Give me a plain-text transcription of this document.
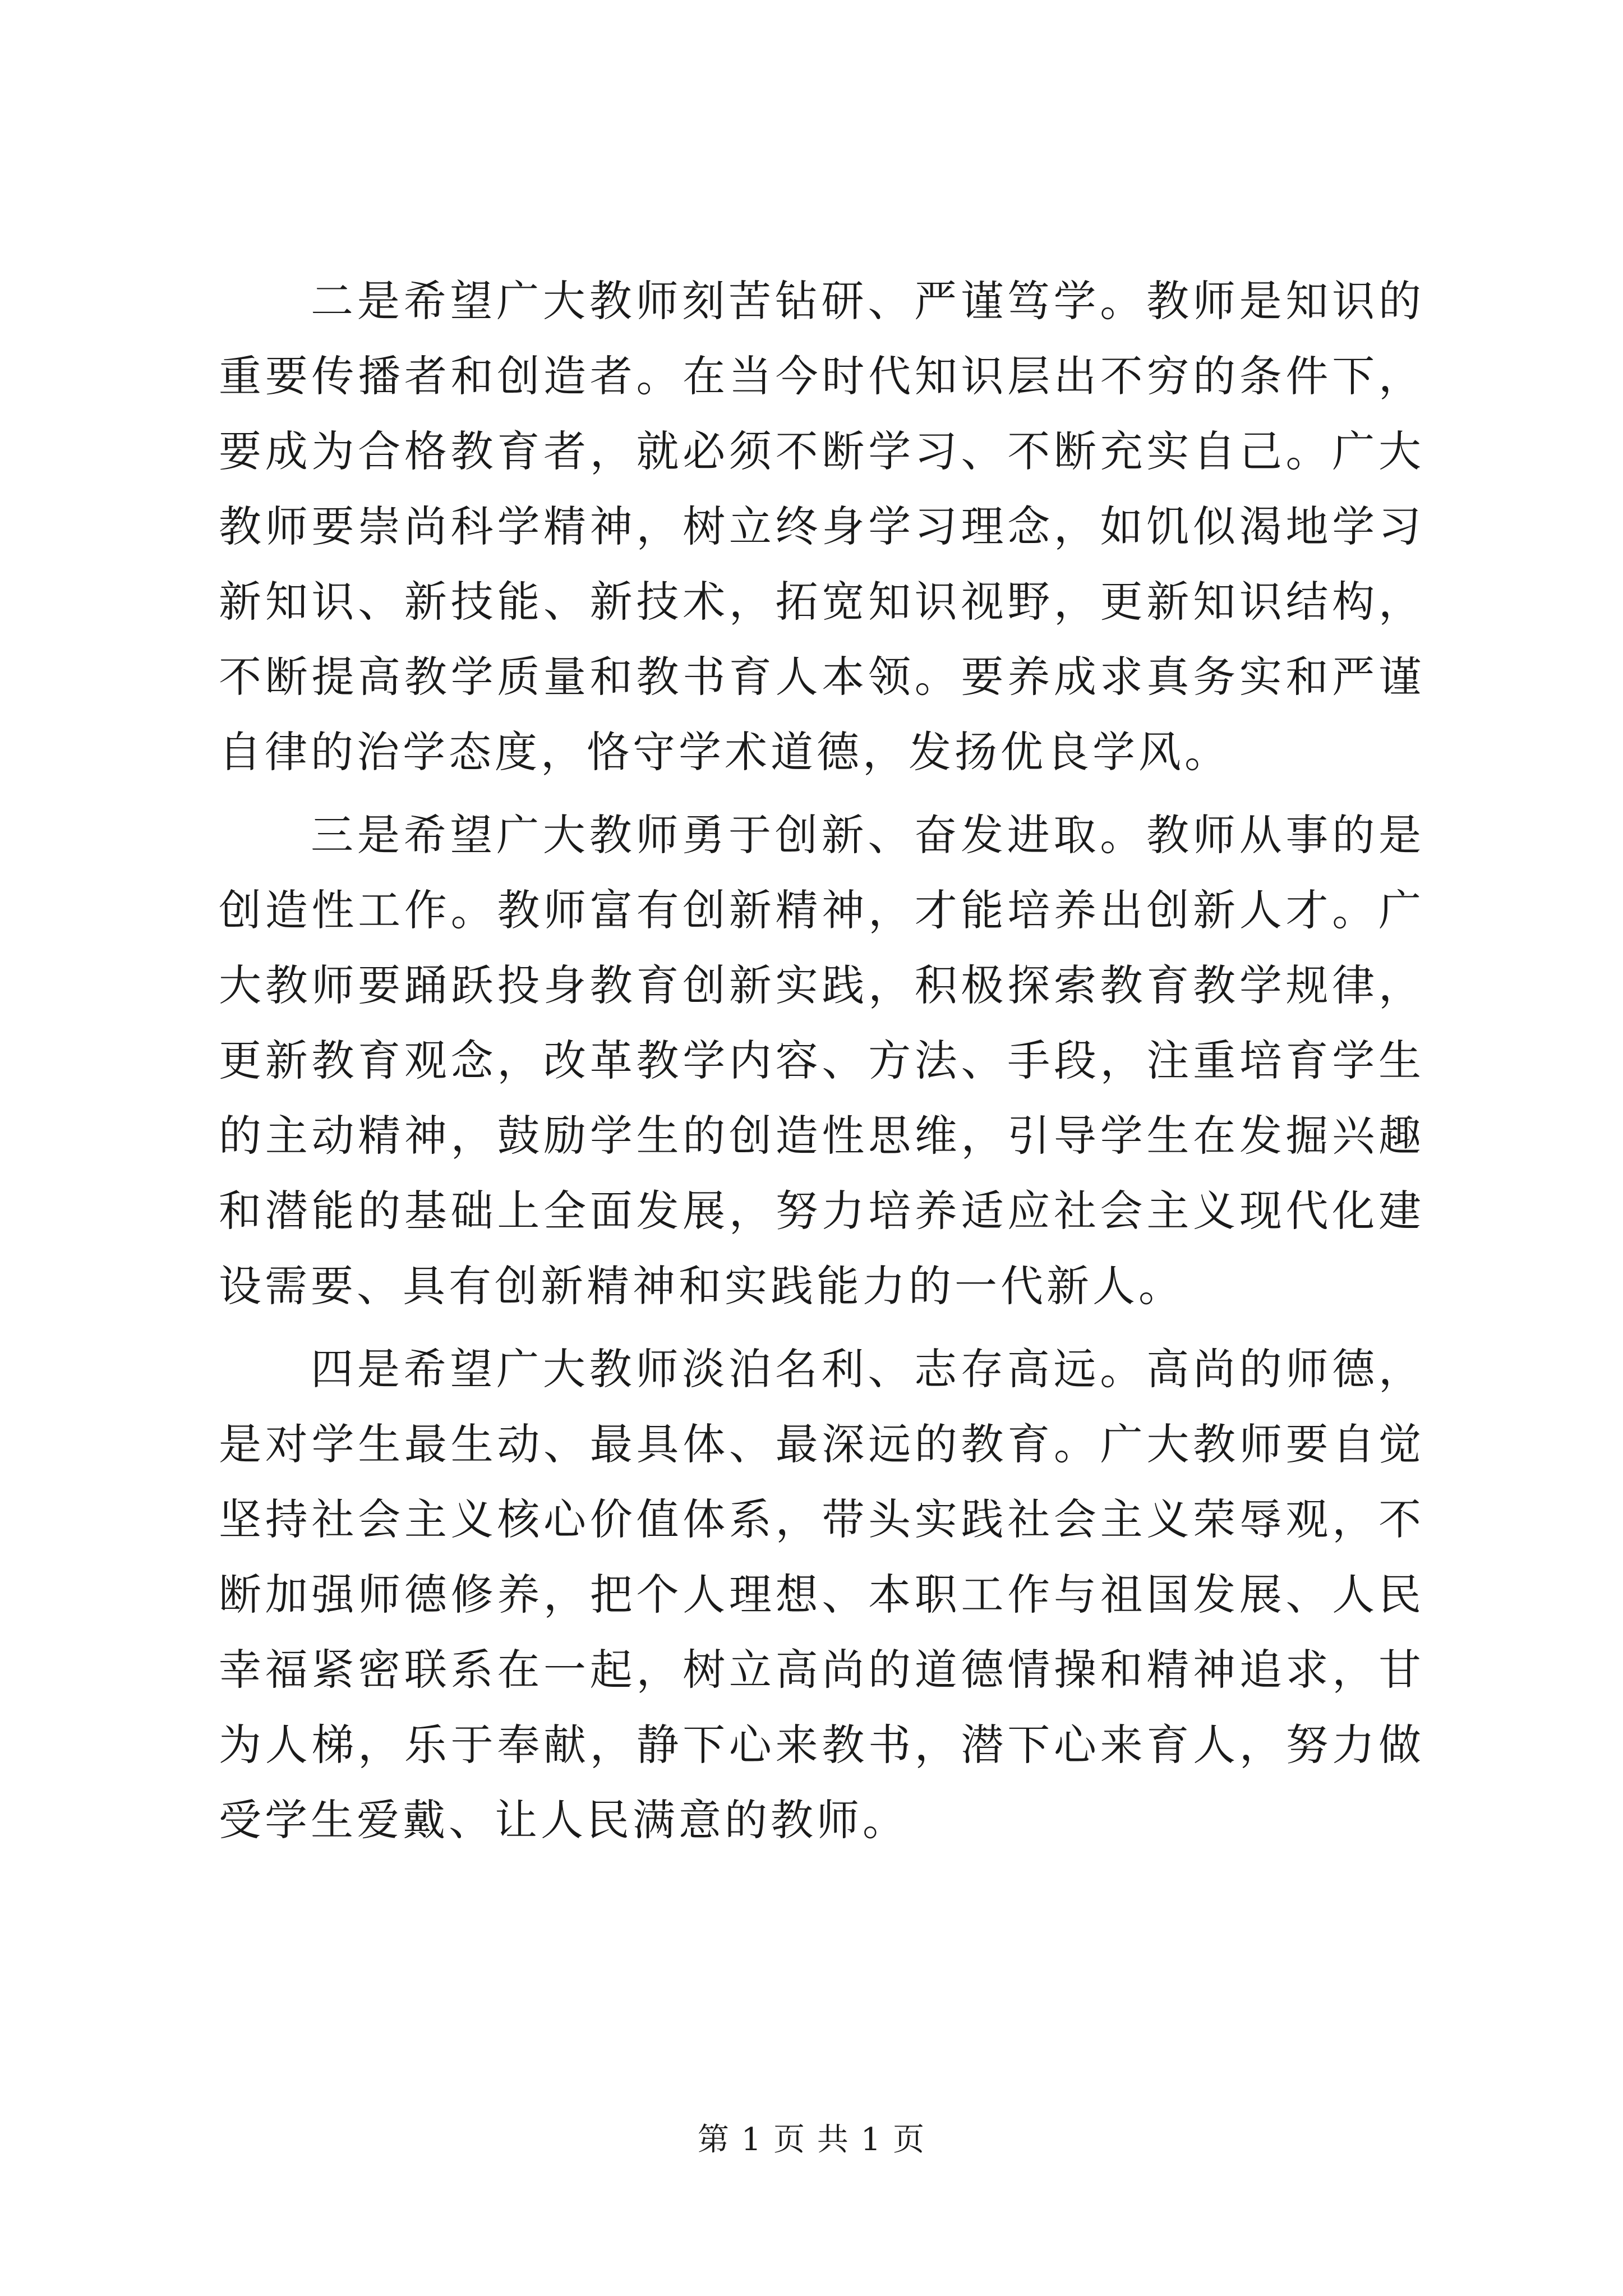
二是希望广大教师刻苦钻研、严谨笃学。教师是知识的重要传播者和创造者。在当今时代知识层出不穷的条件下，要成为合格教育者，就必须不断学习、不断充实自己。广大教师要崇尚科学精神，树立终身学习理念，如饥似渴地学习新知识、新技能、新技术，拓宽知识视野，更新知识结构，不断提高教学质量和教书育人本领。要养成求真务实和严谨自律的治学态度，恪守学术道德，发扬优良学风。

三是希望广大教师勇于创新、奋发进取。教师从事的是创造性工作。教师富有创新精神，才能培养出创新人才。广大教师要踊跃投身教育创新实践，积极探索教育教学规律，更新教育观念，改革教学内容、方法、手段，注重培育学生的主动精神，鼓励学生的创造性思维，引导学生在发掘兴趣和潜能的基础上全面发展，努力培养适应社会主义现代化建设需要、具有创新精神和实践能力的一代新人。

四是希望广大教师淡泊名利、志存高远。高尚的师德，是对学生最生动、最具体、最深远的教育。广大教师要自觉坚持社会主义核心价值体系，带头实践社会主义荣辱观，不断加强师德修养，把个人理想、本职工作与祖国发展、人民幸福紧密联系在一起，树立高尚的道德情操和精神追求，甘为人梯，乐于奉献，静下心来教书，潜下心来育人，努力做受学生爱戴、让人民满意的教师。

第 1 页 共 1 页
